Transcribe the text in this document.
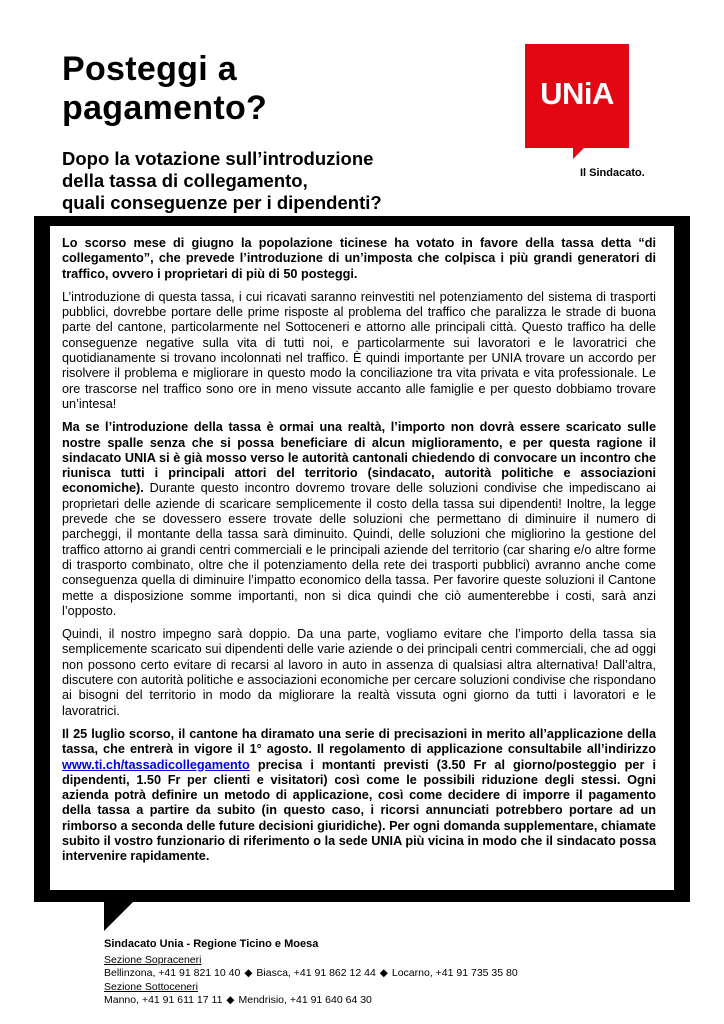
Posteggi a
pagamento?
Dopo la votazione sull’introduzione
della tassa di collegamento,
quali conseguenze per i dipendenti?
UNiA
Il Sindacato.

Lo scorso mese di giugno la popolazione ticinese ha votato in favore della tassa detta “di collegamento”, che prevede l’introduzione di un’imposta che colpisca i più grandi generatori di traffico, ovvero i proprietari di più di 50 posteggi.

L’introduzione di questa tassa, i cui ricavati saranno reinvestiti nel potenziamento del sistema di trasporti pubblici, dovrebbe portare delle prime risposte al problema del traffico che paralizza le strade di buona parte del cantone, particolarmente nel Sottoceneri e attorno alle principali città. Questo traffico ha delle conseguenze negative sulla vita di tutti noi, e particolarmente sui lavoratori e le lavoratrici che quotidianamente si trovano incolonnati nel traffico. È quindi importante per UNIA trovare un accordo per risolvere il problema e migliorare in questo modo la conciliazione tra vita privata e vita professionale. Le ore trascorse nel traffico sono ore in meno vissute accanto alle famiglie e per questo dobbiamo trovare un’intesa!

Ma se l’introduzione della tassa è ormai una realtà, l’importo non dovrà essere scaricato sulle nostre spalle senza che si possa beneficiare di alcun miglioramento, e per questa ragione il sindacato UNIA si è già mosso verso le autorità cantonali chiedendo di convocare un incontro che riunisca tutti i principali attori del territorio (sindacato, autorità politiche e associazioni economiche). Durante questo incontro dovremo trovare delle soluzioni condivise che impediscano ai proprietari delle aziende di scaricare semplicemente il costo della tassa sui dipendenti! Inoltre, la legge prevede che se dovessero essere trovate delle soluzioni che permettano di diminuire il numero di parcheggi, il montante della tassa sarà diminuito. Quindi, delle soluzioni che migliorino la gestione del traffico attorno ai grandi centri commerciali e le principali aziende del territorio (car sharing e/o altre forme di trasporto combinato, oltre che il potenziamento della rete dei trasporti pubblici) avranno anche come conseguenza quella di diminuire l’impatto economico della tassa. Per favorire queste soluzioni il Cantone mette a disposizione somme importanti, non si dica quindi che ciò aumenterebbe i costi, sarà anzi l’opposto.

Quindi, il nostro impegno sarà doppio. Da una parte, vogliamo evitare che l’importo della tassa sia semplicemente scaricato sui dipendenti delle varie aziende o dei principali centri commerciali, che ad oggi non possono certo evitare di recarsi al lavoro in auto in assenza di qualsiasi altra alternativa! Dall’altra, discutere con autorità politiche e associazioni economiche per cercare soluzioni condivise che rispondano ai bisogni del territorio in modo da migliorare la realtà vissuta ogni giorno da tutti i lavoratori e le lavoratrici.

Il 25 luglio scorso, il cantone ha diramato una serie di precisazioni in merito all’applicazione della tassa, che entrerà in vigore il 1° agosto. Il regolamento di applicazione consultabile all’indirizzo www.ti.ch/tassadicollegamento precisa i montanti previsti (3.50 Fr al giorno/posteggio per i dipendenti, 1.50 Fr per clienti e visitatori) così come le possibili riduzione degli stessi. Ogni azienda potrà definire un metodo di applicazione, così come decidere di imporre il pagamento della tassa a partire da subito (in questo caso, i ricorsi annunciati potrebbero portare ad un rimborso a seconda delle future decisioni giuridiche). Per ogni domanda supplementare, chiamate subito il vostro funzionario di riferimento o la sede UNIA più vicina in modo che il sindacato possa intervenire rapidamente.

Sindacato Unia - Regione Ticino e Moesa
Sezione Sopraceneri
Bellinzona, +41 91 821 10 40 ◆ Biasca, +41 91 862 12 44 ◆ Locarno, +41 91 735 35 80
Sezione Sottoceneri
Manno, +41 91 611 17 11 ◆ Mendrisio, +41 91 640 64 30
